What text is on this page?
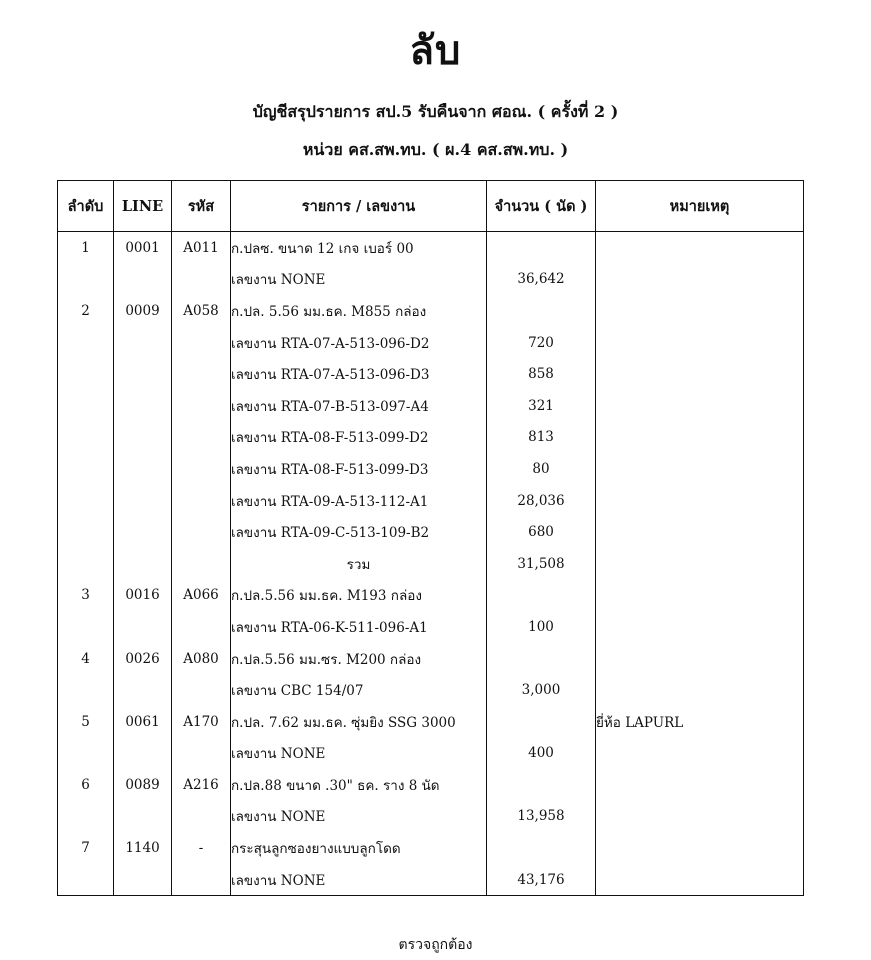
ลับ
บัญชีสรุปรายการ สป.5 รับคืนจาก ศอณ. ( ครั้งที่ 2 )
หน่วย คส.สพ.ทบ. ( ผ.4 คส.สพ.ทบ. )
ลำดับ	LINE	รหัส	รายการ / เลขงาน	จำนวน ( นัด )	หมายเหตุ
1	0001	A011	ก.ปลซ. ขนาด 12 เกจ เบอร์ 00		
			เลขงาน NONE	36,642	
2	0009	A058	ก.ปล. 5.56 มม.ธค. M855 กล่อง		
			เลขงาน RTA-07-A-513-096-D2	720	
			เลขงาน RTA-07-A-513-096-D3	858	
			เลขงาน RTA-07-B-513-097-A4	321	
			เลขงาน RTA-08-F-513-099-D2	813	
			เลขงาน RTA-08-F-513-099-D3	80	
			เลขงาน RTA-09-A-513-112-A1	28,036	
			เลขงาน RTA-09-C-513-109-B2	680	
			รวม	31,508	
3	0016	A066	ก.ปล.5.56 มม.ธค. M193 กล่อง		
			เลขงาน RTA-06-K-511-096-A1	100	
4	0026	A080	ก.ปล.5.56 มม.ซร. M200 กล่อง		
			เลขงาน CBC 154/07	3,000	
5	0061	A170	ก.ปล. 7.62 มม.ธค. ซุ่มยิง SSG 3000		ยี่ห้อ LAPURL
			เลขงาน NONE	400	
6	0089	A216	ก.ปล.88 ขนาด .30" ธค. ราง 8 นัด		
			เลขงาน NONE	13,958	
7	1140	-	กระสุนลูกซองยางแบบลูกโดด		
			เลขงาน NONE	43,176	
ตรวจถูกต้อง
